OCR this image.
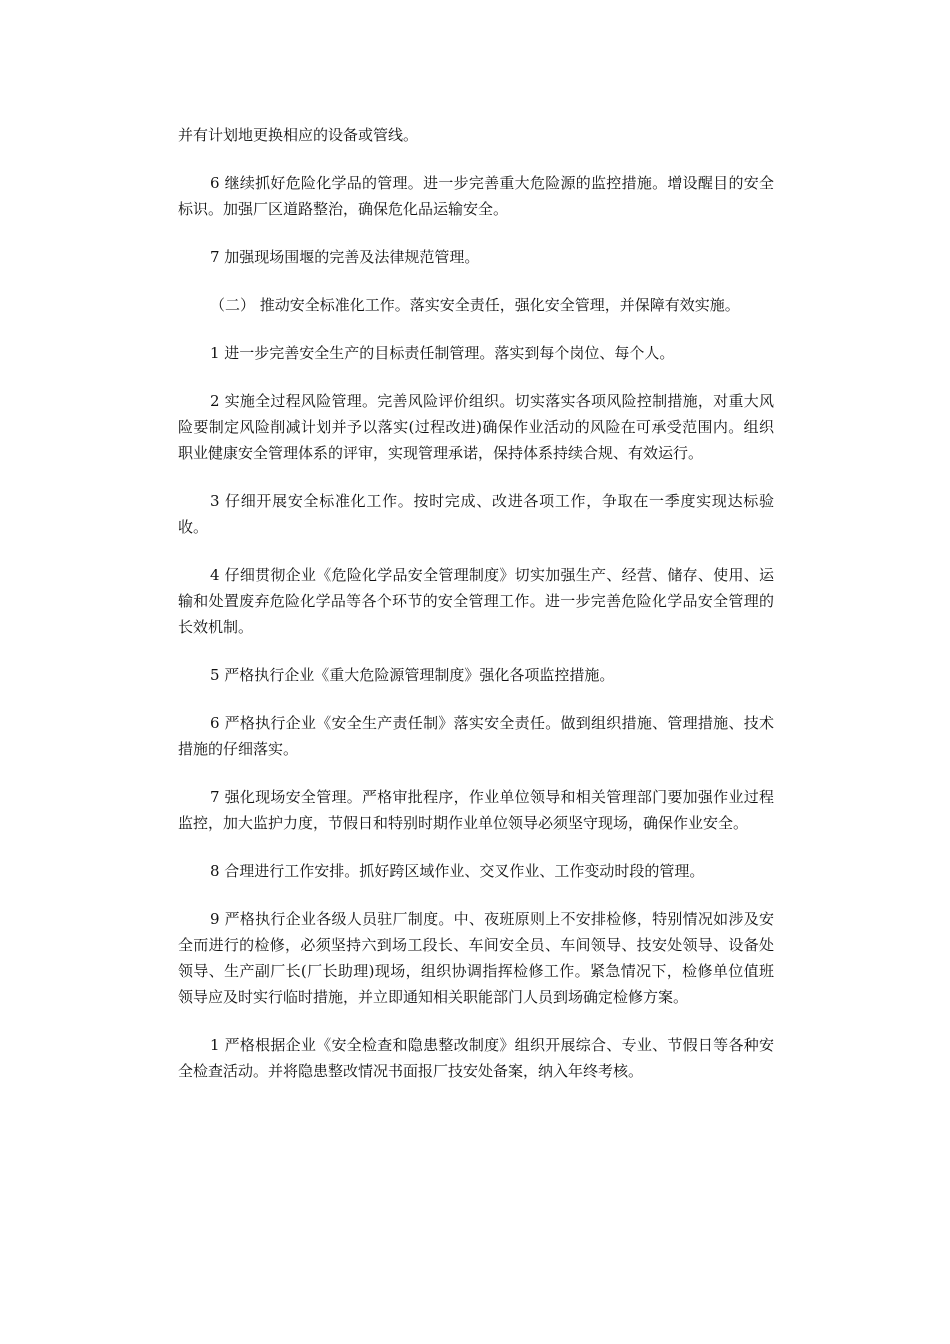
并有计划地更换相应的设备或管线。

6 继续抓好危险化学品的管理。进一步完善重大危险源的监控措施。增设醒目的安全标识。加强厂区道路整治，确保危化品运输安全。

7 加强现场围堰的完善及法律规范管理。

（二） 推动安全标准化工作。落实安全责任，强化安全管理，并保障有效实施。

1 进一步完善安全生产的目标责任制管理。落实到每个岗位、每个人。

2 实施全过程风险管理。完善风险评价组织。切实落实各项风险控制措施，对重大风险要制定风险削减计划并予以落实(过程改进)确保作业活动的风险在可承受范围内。组织职业健康安全管理体系的评审，实现管理承诺，保持体系持续合规、有效运行。

3 仔细开展安全标准化工作。按时完成、改进各项工作，争取在一季度实现达标验收。

4 仔细贯彻企业《危险化学品安全管理制度》切实加强生产、经营、储存、使用、运输和处置废弃危险化学品等各个环节的安全管理工作。进一步完善危险化学品安全管理的长效机制。

5 严格执行企业《重大危险源管理制度》强化各项监控措施。

6 严格执行企业《安全生产责任制》落实安全责任。做到组织措施、管理措施、技术措施的仔细落实。

7 强化现场安全管理。严格审批程序，作业单位领导和相关管理部门要加强作业过程监控，加大监护力度，节假日和特别时期作业单位领导必须坚守现场，确保作业安全。

8 合理进行工作安排。抓好跨区域作业、交叉作业、工作变动时段的管理。

9 严格执行企业各级人员驻厂制度。中、夜班原则上不安排检修，特别情况如涉及安全而进行的检修，必须坚持六到场工段长、车间安全员、车间领导、技安处领导、设备处领导、生产副厂长(厂长助理)现场，组织协调指挥检修工作。紧急情况下，检修单位值班领导应及时实行临时措施，并立即通知相关职能部门人员到场确定检修方案。

1 严格根据企业《安全检查和隐患整改制度》组织开展综合、专业、节假日等各种安全检查活动。并将隐患整改情况书面报厂技安处备案，纳入年终考核。
